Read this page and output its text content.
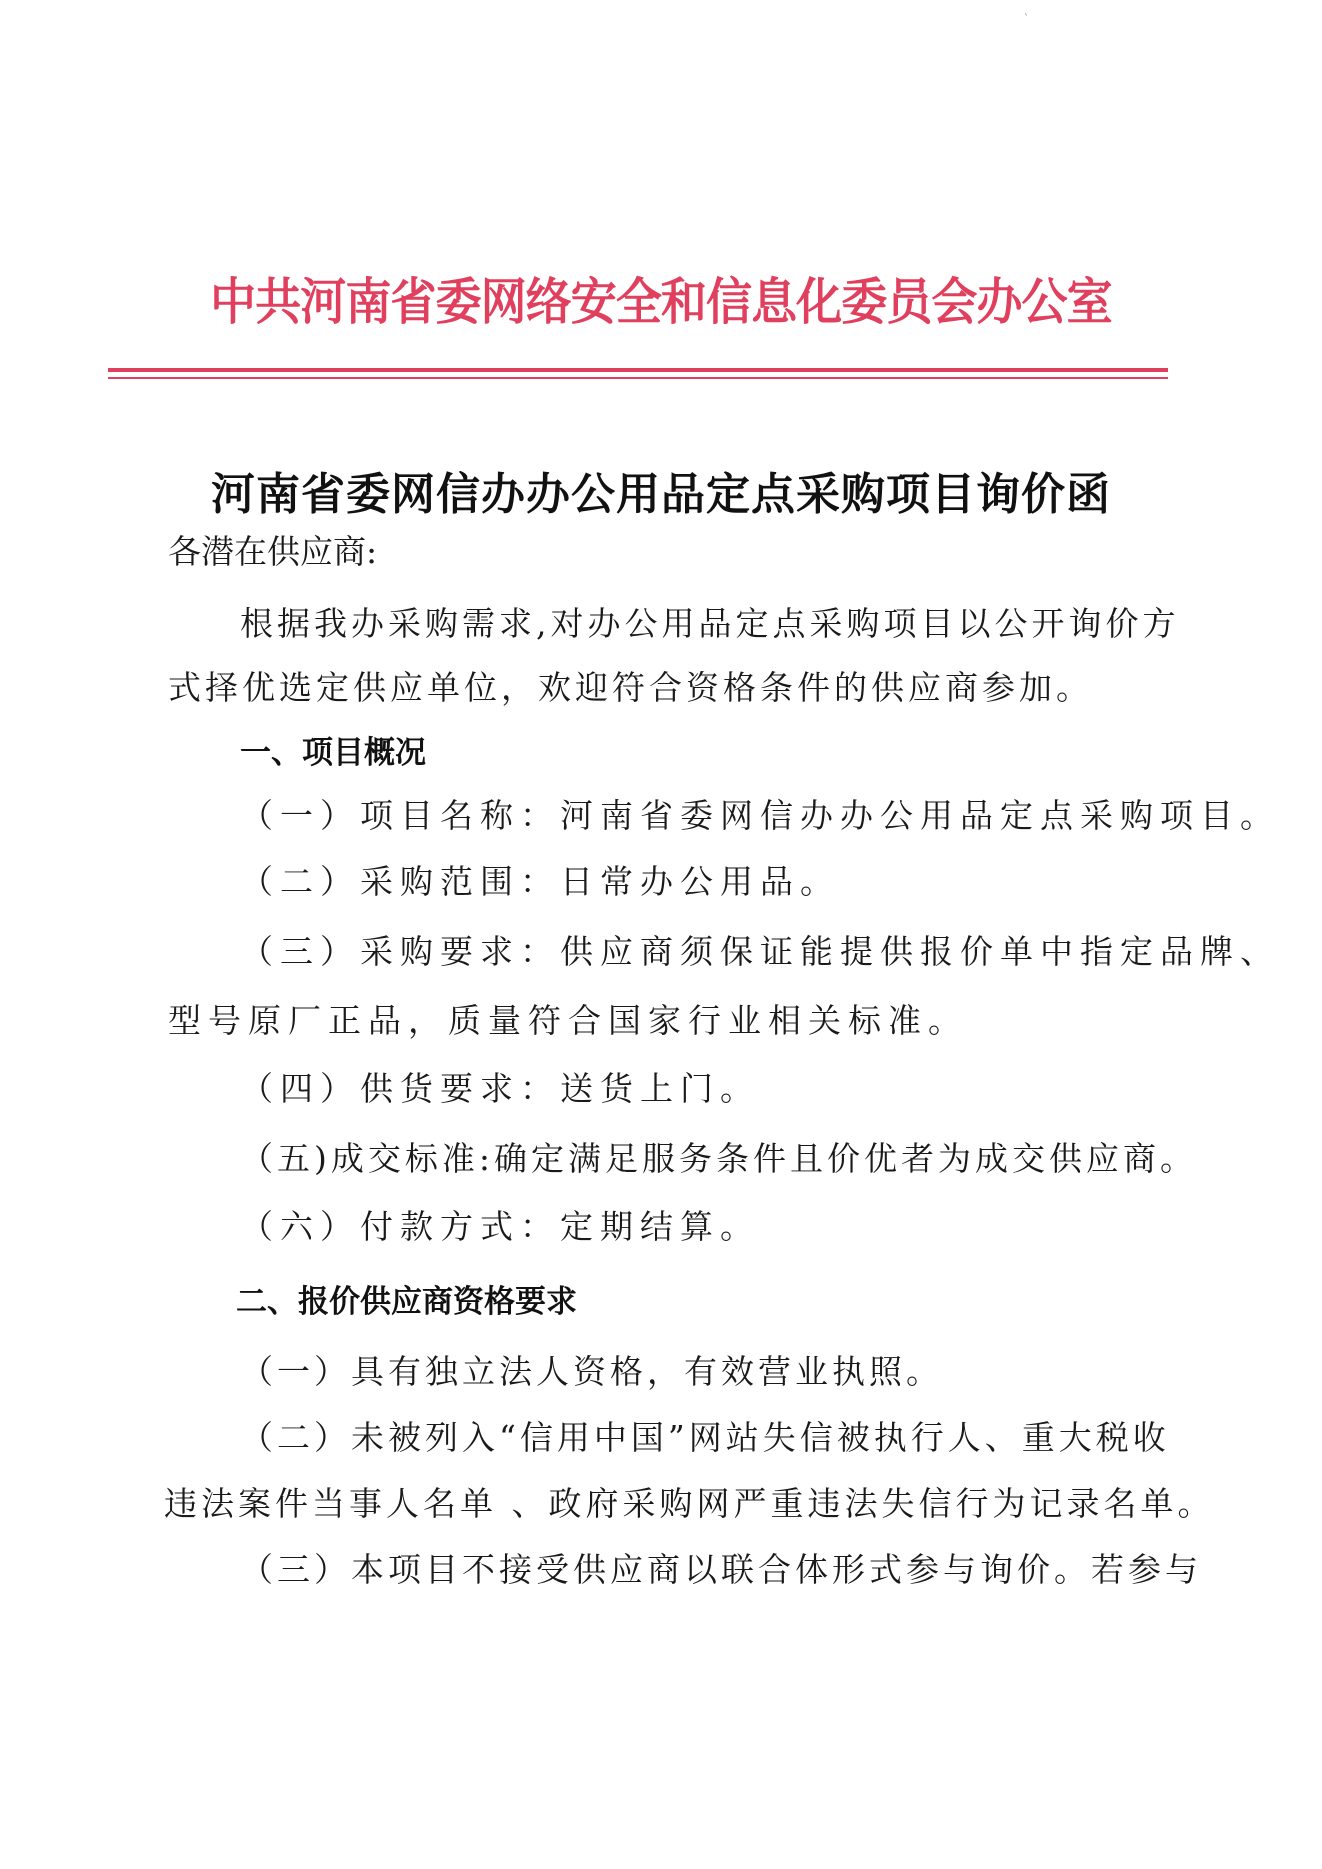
`
中共河南省委网络安全和信息化委员会办公室
河南省委网信办办公用品定点采购项目询价函
各潜在供应商:
根据我办采购需求,对办公用品定点采购项目以公开询价方
式择优选定供应单位，欢迎符合资格条件的供应商参加。
一、项目概况
（一）项目名称：河南省委网信办办公用品定点采购项目。
（二）采购范围：日常办公用品。
（三）采购要求：供应商须保证能提供报价单中指定品牌、
型号原厂正品，质量符合国家行业相关标准。
（四）供货要求：送货上门。
（五)成交标准:确定满足服务条件且价优者为成交供应商。
（六）付款方式：定期结算。
二、报价供应商资格要求
（一）具有独立法人资格，有效营业执照。
（二）未被列入“信用中国”网站失信被执行人、重大税收
违法案件当事人名单 、政府采购网严重违法失信行为记录名单。
（三）本项目不接受供应商以联合体形式参与询价。若参与
